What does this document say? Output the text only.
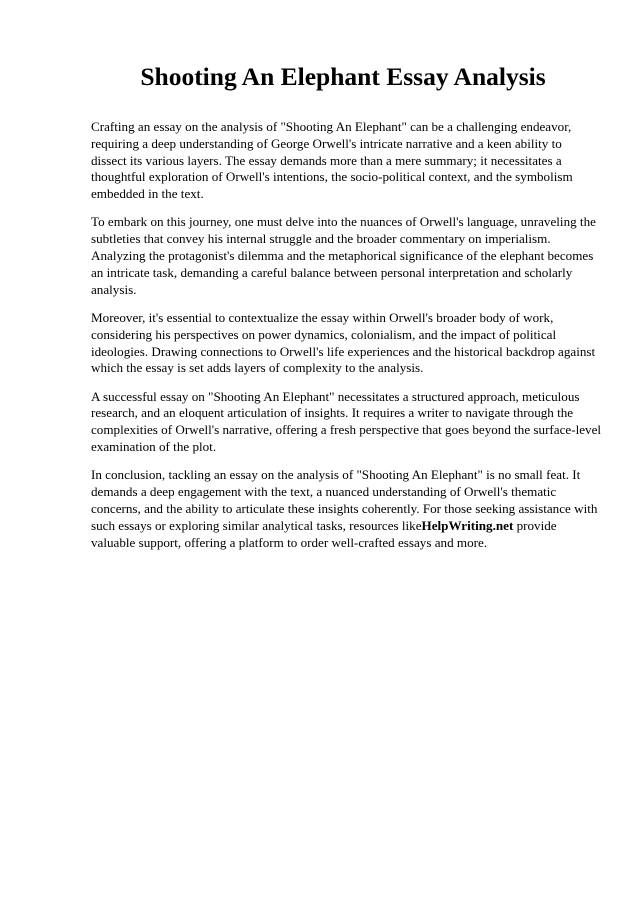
Shooting An Elephant Essay Analysis

Crafting an essay on the analysis of "Shooting An Elephant" can be a challenging endeavor,
requiring a deep understanding of George Orwell's intricate narrative and a keen ability to
dissect its various layers. The essay demands more than a mere summary; it necessitates a
thoughtful exploration of Orwell's intentions, the socio-political context, and the symbolism
embedded in the text.

To embark on this journey, one must delve into the nuances of Orwell's language, unraveling the
subtleties that convey his internal struggle and the broader commentary on imperialism.
Analyzing the protagonist's dilemma and the metaphorical significance of the elephant becomes
an intricate task, demanding a careful balance between personal interpretation and scholarly
analysis.

Moreover, it's essential to contextualize the essay within Orwell's broader body of work,
considering his perspectives on power dynamics, colonialism, and the impact of political
ideologies. Drawing connections to Orwell's life experiences and the historical backdrop against
which the essay is set adds layers of complexity to the analysis.

A successful essay on "Shooting An Elephant" necessitates a structured approach, meticulous
research, and an eloquent articulation of insights. It requires a writer to navigate through the
complexities of Orwell's narrative, offering a fresh perspective that goes beyond the surface-level
examination of the plot.

In conclusion, tackling an essay on the analysis of "Shooting An Elephant" is no small feat. It
demands a deep engagement with the text, a nuanced understanding of Orwell's thematic
concerns, and the ability to articulate these insights coherently. For those seeking assistance with
such essays or exploring similar analytical tasks, resources likeHelpWriting.net provide
valuable support, offering a platform to order well-crafted essays and more.
